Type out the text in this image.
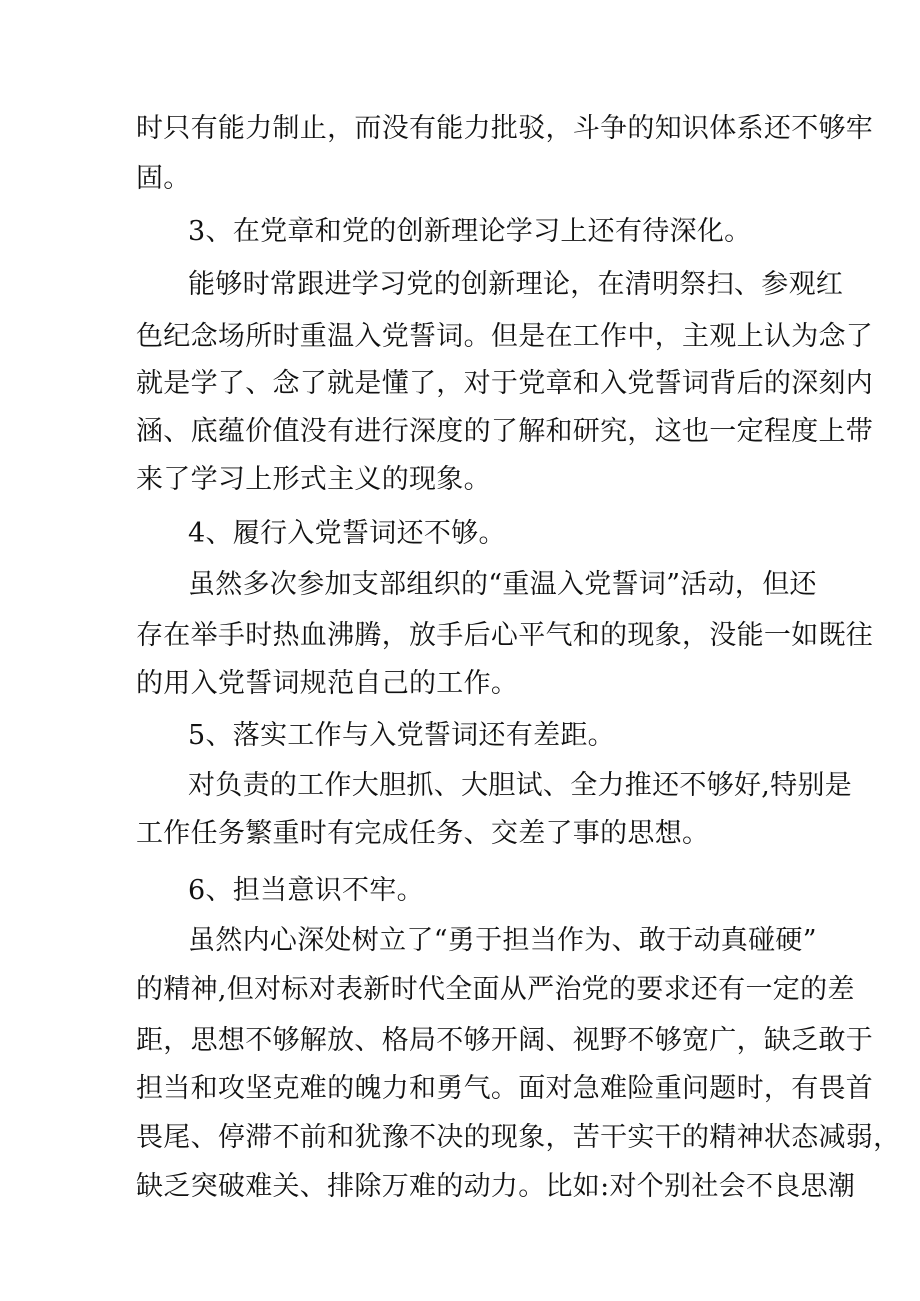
时只有能力制止，而没有能力批驳，斗争的知识体系还不够牢
固。
3、在党章和党的创新理论学习上还有待深化。
能够时常跟进学习党的创新理论，在清明祭扫、参观红
色纪念场所时重温入党誓词。但是在工作中，主观上认为念了
就是学了、念了就是懂了，对于党章和入党誓词背后的深刻内
涵、底蕴价值没有进行深度的了解和研究，这也一定程度上带
来了学习上形式主义的现象。
4、履行入党誓词还不够。
虽然多次参加支部组织的“重温入党誓词”活动，但还
存在举手时热血沸腾，放手后心平气和的现象，没能一如既往
的用入党誓词规范自己的工作。
5、落实工作与入党誓词还有差距。
对负责的工作大胆抓、大胆试、全力推还不够好,特别是
工作任务繁重时有完成任务、交差了事的思想。
6、担当意识不牢。
虽然内心深处树立了“勇于担当作为、敢于动真碰硬”
的精神,但对标对表新时代全面从严治党的要求还有一定的差
距，思想不够解放、格局不够开阔、视野不够宽广，缺乏敢于
担当和攻坚克难的魄力和勇气。面对急难险重问题时，有畏首
畏尾、停滞不前和犹豫不决的现象，苦干实干的精神状态减弱，
缺乏突破难关、排除万难的动力。比如:对个别社会不良思潮
